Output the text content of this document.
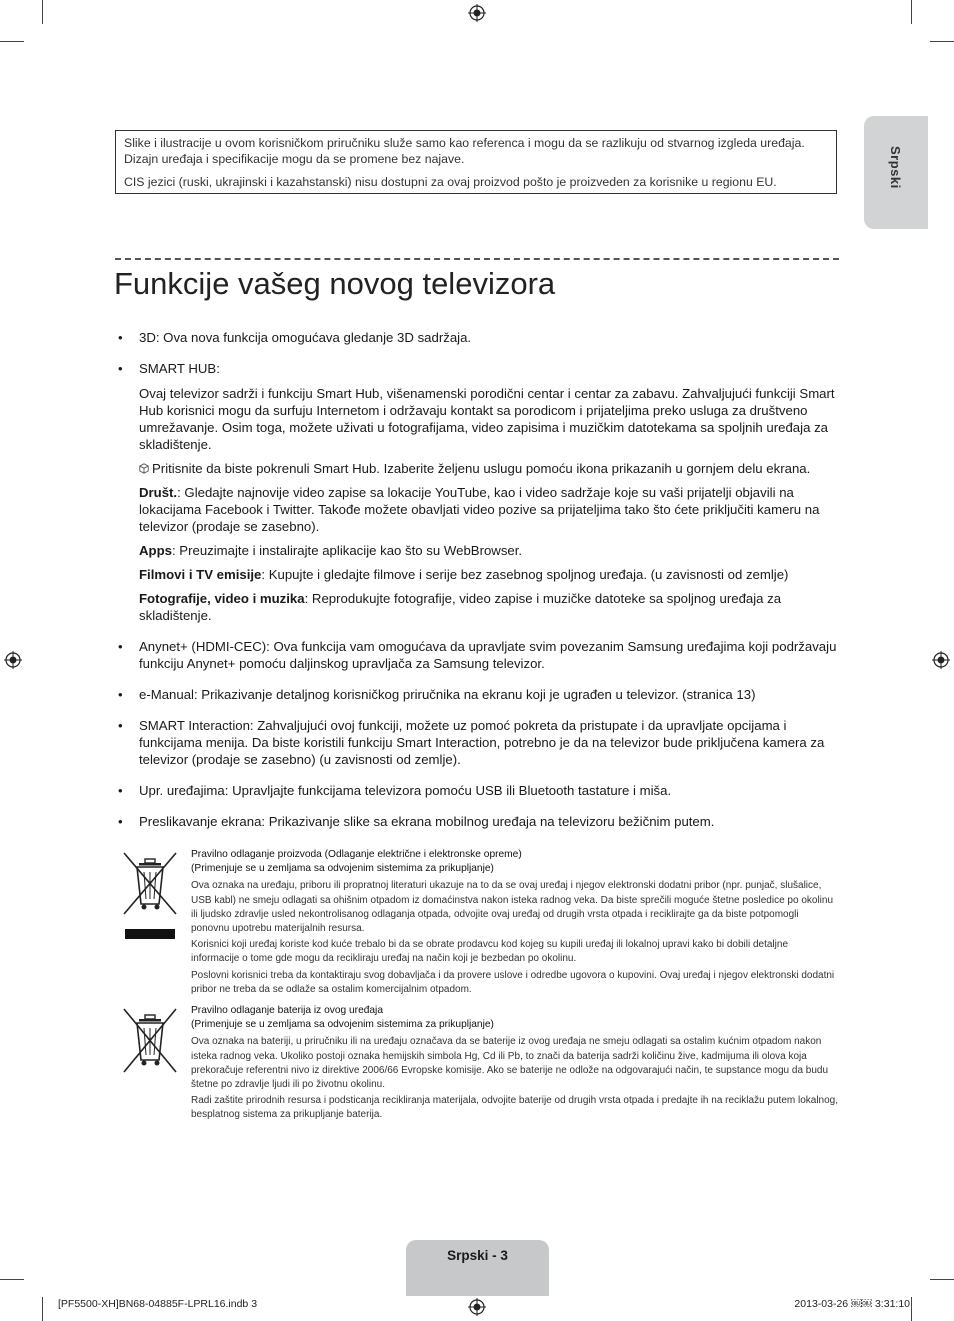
Slike i ilustracije u ovom korisničkom priručniku služe samo kao referenca i mogu da se razlikuju od stvarnog izgleda uređaja. Dizajn uređaja i specifikacije mogu da se promene bez najave.

CIS jezici (ruski, ukrajinski i kazahstanski) nisu dostupni za ovaj proizvod pošto je proizveden za korisnike u regionu EU.	Srpski
Funkcije vašeg novog televizora
• 3D: Ova nova funkcija omogućava gledanje 3D sadržaja.

• SMART HUB:

Ovaj televizor sadrži i funkciju Smart Hub, višenamenski porodični centar i centar za zabavu. Zahvaljujući funkciji Smart Hub korisnici mogu da surfuju Internetom i održavaju kontakt sa porodicom i prijateljima preko usluga za društveno umrežavanje. Osim toga, možete uživati u fotografijama, video zapisima i muzičkim datotekama sa spoljnih uređaja za skladištenje.

Pritisnite da biste pokrenuli Smart Hub. Izaberite željenu uslugu pomoću ikona prikazanih u gornjem delu ekrana.

Društ.: Gledajte najnovije video zapise sa lokacije YouTube, kao i video sadržaje koje su vaši prijatelji objavili na lokacijama Facebook i Twitter. Takođe možete obavljati video pozive sa prijateljima tako što ćete priključiti kameru na televizor (prodaje se zasebno).

Apps: Preuzimajte i instalirajte aplikacije kao što su WebBrowser.

Filmovi i TV emisije: Kupujte i gledajte filmove i serije bez zasebnog spoljnog uređaja. (u zavisnosti od zemlje)

Fotografije, video i muzika: Reprodukujte fotografije, video zapise i muzičke datoteke sa spoljnog uređaja za skladištenje.

• Anynet+ (HDMI-CEC): Ova funkcija vam omogućava da upravljate svim povezanim Samsung uređajima koji podržavaju funkciju Anynet+ pomoću daljinskog upravljača za Samsung televizor.

• e-Manual: Prikazivanje detaljnog korisničkog priručnika na ekranu koji je ugrađen u televizor. (stranica 13)

• SMART Interaction: Zahvaljujući ovoj funkciji, možete uz pomoć pokreta da pristupate i da upravljate opcijama i funkcijama menija. Da biste koristili funkciju Smart Interaction, potrebno je da na televizor bude priključena kamera za televizor (prodaje se zasebno) (u zavisnosti od zemlje).

• Upr. uređajima: Upravljajte funkcijama televizora pomoću USB ili Bluetooth tastature i miša.

• Preslikavanje ekrana: Prikazivanje slike sa ekrana mobilnog uređaja na televizoru bežičnim putem.

Pravilno odlaganje proizvoda (Odlaganje električne i elektronske opreme)

(Primenjuje se u zemljama sa odvojenim sistemima za prikupljanje)

Ova oznaka na uređaju, priboru ili propratnoj literaturi ukazuje na to da se ovaj uređaj i njegov elektronski dodatni pribor (npr. punjač, slušalice, USB kabl) ne smeju odlagati sa ohišnim otpadom iz domaćinstva nakon isteka radnog veka. Da biste sprečili moguće štetne posledice po okolinu ili ljudsko zdravlje usled nekontrolisanog odlaganja otpada, odvojite ovaj uređaj od drugih vrsta otpada i reciklirajte ga da biste potpomogli ponovnu upotrebu materijalnih resursa.

Korisnici koji uređaj koriste kod kuće trebalo bi da se obrate prodavcu kod kojeg su kupili uređaj ili lokalnoj upravi kako bi dobili detaljne informacije o tome gde mogu da recikliraju uređaj na način koji je bezbedan po okolinu.

Poslovni korisnici treba da kontaktiraju svog dobavljača i da provere uslove i odredbe ugovora o kupovini. Ovaj uređaj i njegov elektronski dodatni pribor ne treba da se odlaže sa ostalim komercijalnim otpadom.

Pravilno odlaganje baterija iz ovog uređaja

(Primenjuje se u zemljama sa odvojenim sistemima za prikupljanje)

Ova oznaka na bateriji, u priručniku ili na uređaju označava da se baterije iz ovog uređaja ne smeju odlagati sa ostalim kućnim otpadom nakon isteka radnog veka. Ukoliko postoji oznaka hemijskih simbola Hg, Cd ili Pb, to znači da baterija sadrži količinu žive, kadmijuma ili olova koja prekoračuje referentni nivo iz direktive 2006/66 Evropske komisije. Ako se baterije ne odlože na odgovarajući način, te supstance mogu da budu štetne po zdravlje ljudi ili po životnu okolinu.

Radi zaštite prirodnih resursa i podsticanja recikliranja materijala, odvojite baterije od drugih vrsta otpada i predajte ih na reciklažu putem lokalnog, besplatnog sistema za prikupljanje baterija.

Srpski - 3
[PF5500-XH]BN68-04885F-LPRL16.indb 3	2013-03-26 ￼￼ 3:31:10
